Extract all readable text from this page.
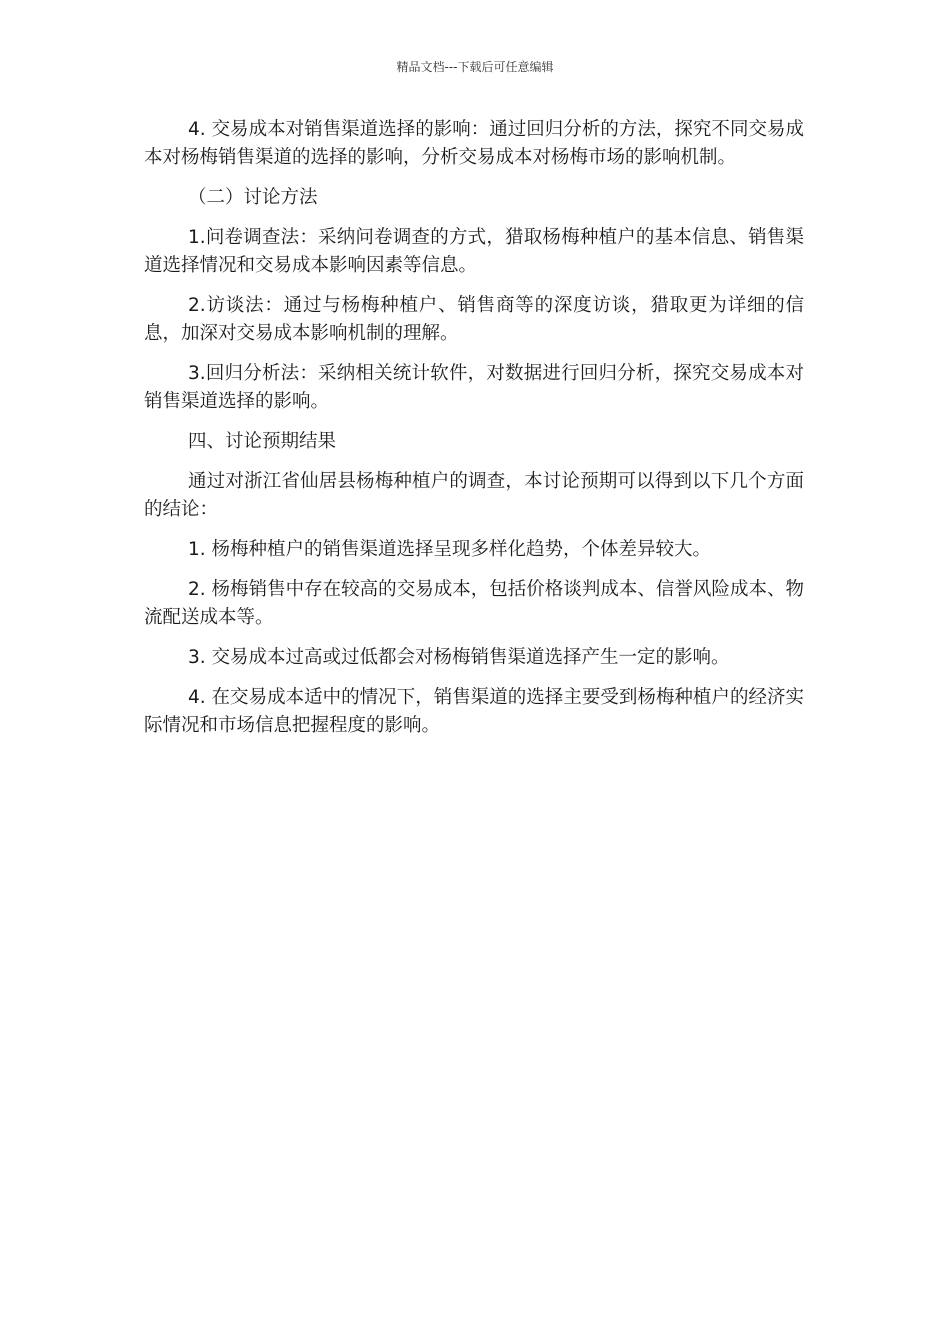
精品文档---下载后可任意编辑

4. 交易成本对销售渠道选择的影响：通过回归分析的方法，探究不同交易成本对杨梅销售渠道的选择的影响，分析交易成本对杨梅市场的影响机制。

（二）讨论方法

1.问卷调查法：采纳问卷调查的方式，猎取杨梅种植户的基本信息、销售渠道选择情况和交易成本影响因素等信息。

2.访谈法：通过与杨梅种植户、销售商等的深度访谈，猎取更为详细的信息，加深对交易成本影响机制的理解。

3.回归分析法：采纳相关统计软件，对数据进行回归分析，探究交易成本对销售渠道选择的影响。

四、讨论预期结果

通过对浙江省仙居县杨梅种植户的调查，本讨论预期可以得到以下几个方面的结论：

1. 杨梅种植户的销售渠道选择呈现多样化趋势，个体差异较大。

2. 杨梅销售中存在较高的交易成本，包括价格谈判成本、信誉风险成本、物流配送成本等。

3. 交易成本过高或过低都会对杨梅销售渠道选择产生一定的影响。

4. 在交易成本适中的情况下，销售渠道的选择主要受到杨梅种植户的经济实际情况和市场信息把握程度的影响。
